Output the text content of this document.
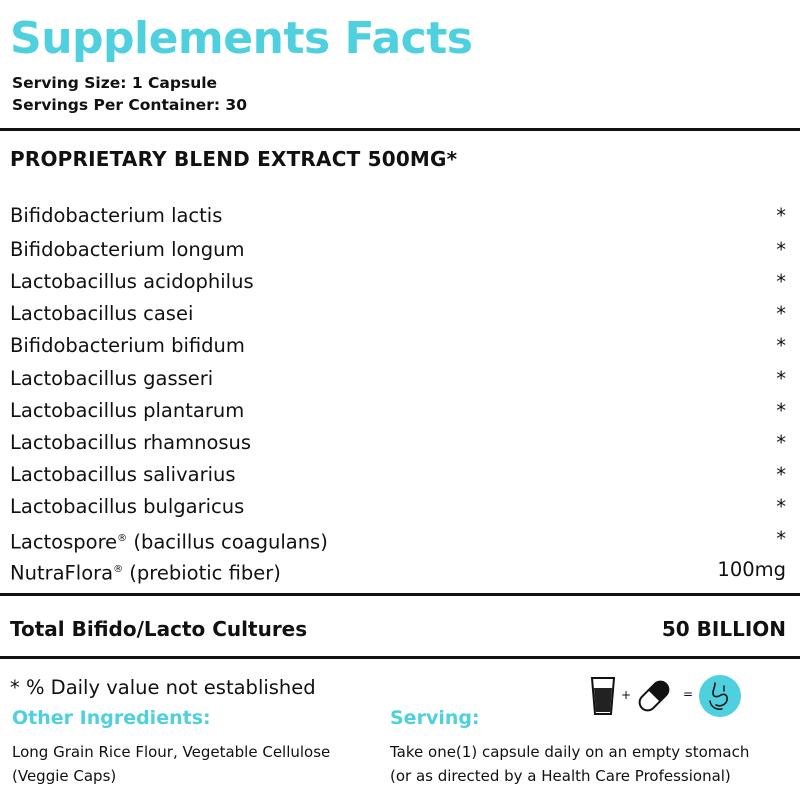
Supplements Facts
Serving Size: 1 Capsule
Servings Per Container: 30
PROPRIETARY BLEND EXTRACT 500MG*
Bifidobacterium lactis	*
Bifidobacterium longum	*
Lactobacillus acidophilus	*
Lactobacillus casei	*
Bifidobacterium bifidum	*
Lactobacillus gasseri	*
Lactobacillus plantarum	*
Lactobacillus rhamnosus	*
Lactobacillus salivarius	*
Lactobacillus bulgaricus	*
Lactospore® (bacillus coagulans)	*
NutraFlora® (prebiotic fiber)	100mg
Total Bifido/Lacto Cultures	50 BILLION
* % Daily value not established
Other Ingredients:
Long Grain Rice Flour, Vegetable Cellulose
(Veggie Caps)
Serving:
Take one(1) capsule daily on an empty stomach
(or as directed by a Health Care Professional)
+	=
